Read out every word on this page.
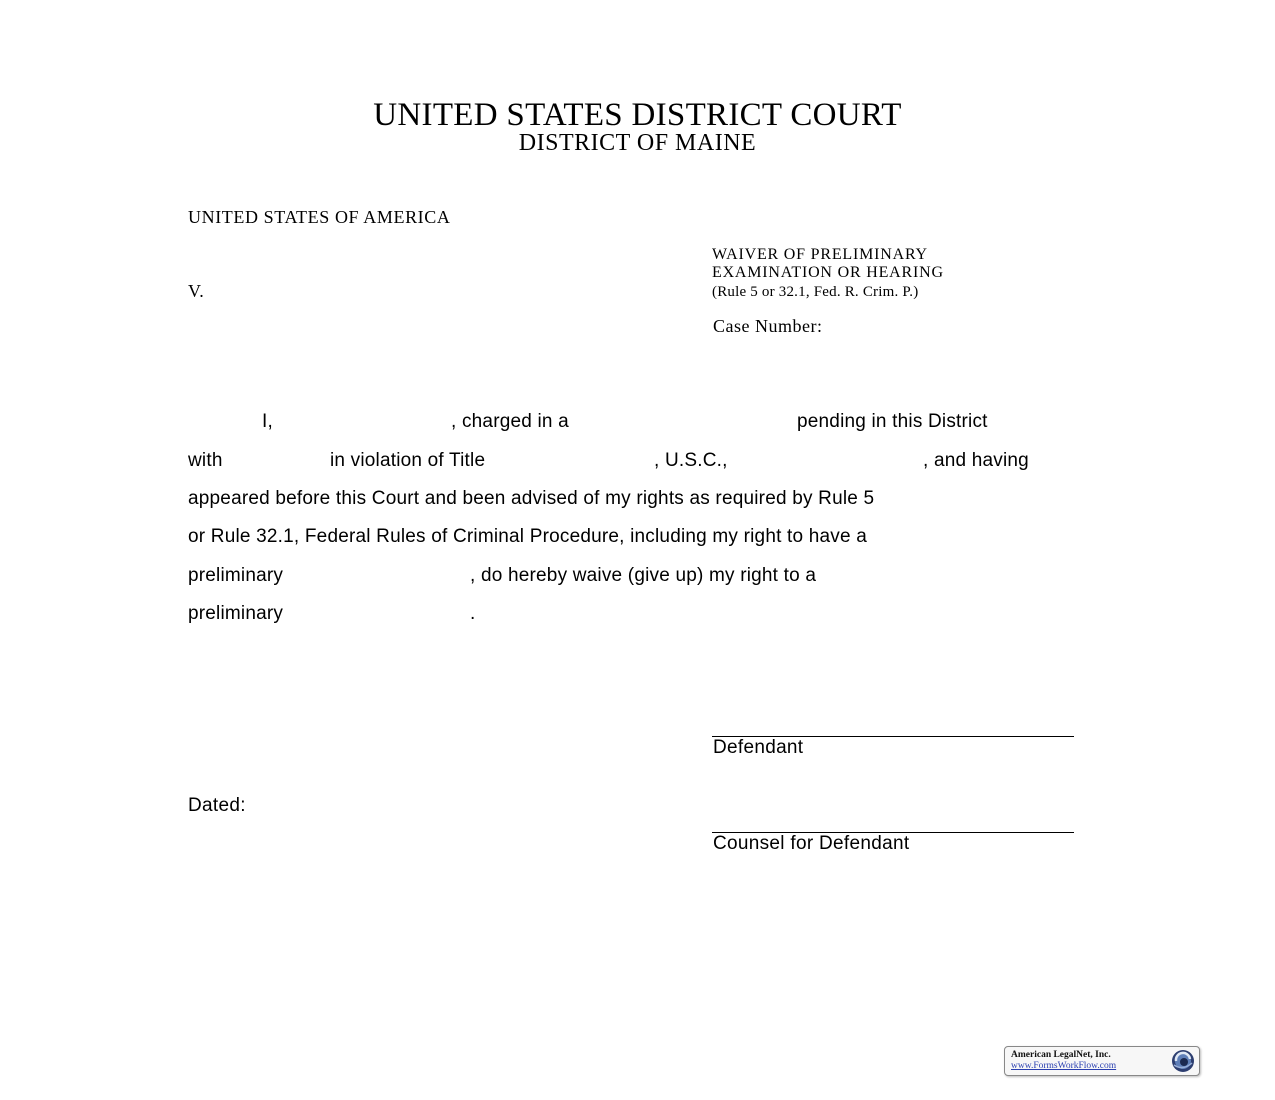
UNITED STATES DISTRICT COURT
DISTRICT OF MAINE
UNITED STATES OF AMERICA
V.
WAIVER OF PRELIMINARY
EXAMINATION OR HEARING
(Rule 5 or 32.1, Fed. R. Crim. P.)
Case Number:
I,	, charged in a	pending in this District
with	in violation of Title	, U.S.C.,	, and having
appeared before this Court and been advised of my rights as required by Rule 5
or Rule 32.1, Federal Rules of Criminal Procedure, including my right to have a
preliminary	, do hereby waive (give up) my right to a
preliminary	.
Defendant
Dated:
Counsel for Defendant
American LegalNet, Inc.
www.FormsWorkFlow.com
